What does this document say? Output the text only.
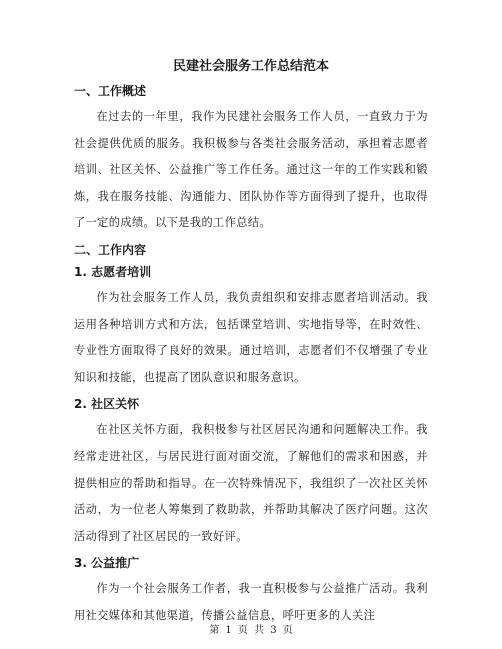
民建社会服务工作总结范本
一、工作概述

在过去的一年里，我作为民建社会服务工作人员，一直致力于为社会提供优质的服务。我积极参与各类社会服务活动，承担着志愿者培训、社区关怀、公益推广等工作任务。通过这一年的工作实践和锻炼，我在服务技能、沟通能力、团队协作等方面得到了提升，也取得了一定的成绩。以下是我的工作总结。

二、工作内容
1. 志愿者培训

作为社会服务工作人员，我负责组织和安排志愿者培训活动。我运用各种培训方式和方法，包括课堂培训、实地指导等，在时效性、专业性方面取得了良好的效果。通过培训，志愿者们不仅增强了专业知识和技能，也提高了团队意识和服务意识。

2. 社区关怀

在社区关怀方面，我积极参与社区居民沟通和问题解决工作。我经常走进社区，与居民进行面对面交流，了解他们的需求和困惑，并提供相应的帮助和指导。在一次特殊情况下，我组织了一次社区关怀活动，为一位老人筹集到了救助款，并帮助其解决了医疗问题。这次活动得到了社区居民的一致好评。

3. 公益推广

作为一个社会服务工作者，我一直积极参与公益推广活动。我利用社交媒体和其他渠道，传播公益信息，呼吁更多的人关注

第 1 页 共 3 页
